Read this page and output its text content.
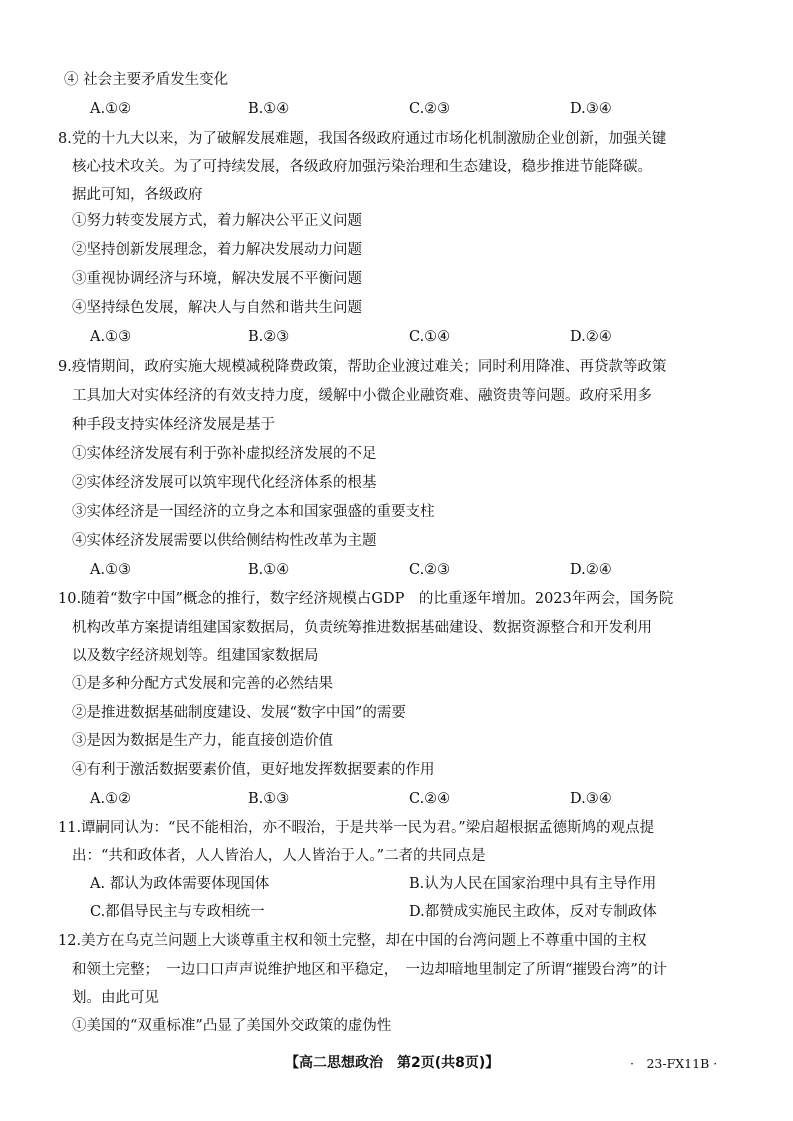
④ 社会主要矛盾发生变化
A.①②	B.①④	C.②③	D.③④
8.党的十九大以来，为了破解发展难题，我国各级政府通过市场化机制激励企业创新，加强关键
核心技术攻关。为了可持续发展，各级政府加强污染治理和生态建设，稳步推进节能降碳。
据此可知，各级政府
①努力转变发展方式，着力解决公平正义问题
②坚持创新发展理念，着力解决发展动力问题
③重视协调经济与环境，解决发展不平衡问题
④坚持绿色发展，解决人与自然和谐共生问题
A.①③	B.②③	C.①④	D.②④
9.疫情期间，政府实施大规模减税降费政策，帮助企业渡过难关；同时利用降准、再贷款等政策
工具加大对实体经济的有效支持力度，缓解中小微企业融资难、融资贵等问题。政府采用多
种手段支持实体经济发展是基于
①实体经济发展有利于弥补虚拟经济发展的不足
②实体经济发展可以筑牢现代化经济体系的根基
③实体经济是一国经济的立身之本和国家强盛的重要支柱
④实体经济发展需要以供给侧结构性改革为主题
A.①③	B.①④	C.②③	D.②④
10.随着“数字中国”概念的推行，数字经济规模占GDP　的比重逐年增加。2023年两会，国务院
机构改革方案提请组建国家数据局，负责统筹推进数据基础建设、数据资源整合和开发利用
以及数字经济规划等。组建国家数据局
①是多种分配方式发展和完善的必然结果
②是推进数据基础制度建设、发展“数字中国”的需要
③是因为数据是生产力，能直接创造价值
④有利于激活数据要素价值，更好地发挥数据要素的作用
A.①②	B.①③	C.②④	D.③④
11.谭嗣同认为：“民不能相治，亦不暇治，于是共举一民为君。”梁启超根据孟德斯鸠的观点提
出：“共和政体者，人人皆治人，人人皆治于人。”二者的共同点是
A. 都认为政体需要体现国体	B.认为人民在国家治理中具有主导作用
C.都倡导民主与专政相统一	D.都赞成实施民主政体，反对专制政体
12.美方在乌克兰问题上大谈尊重主权和领土完整，却在中国的台湾问题上不尊重中国的主权
和领土完整；　一边口口声声说维护地区和平稳定，　一边却暗地里制定了所谓“摧毁台湾”的计
划。由此可见
①美国的“双重标准”凸显了美国外交政策的虚伪性
【高二思想政治　第2页(共8页)】	·　23-FX11B ·
